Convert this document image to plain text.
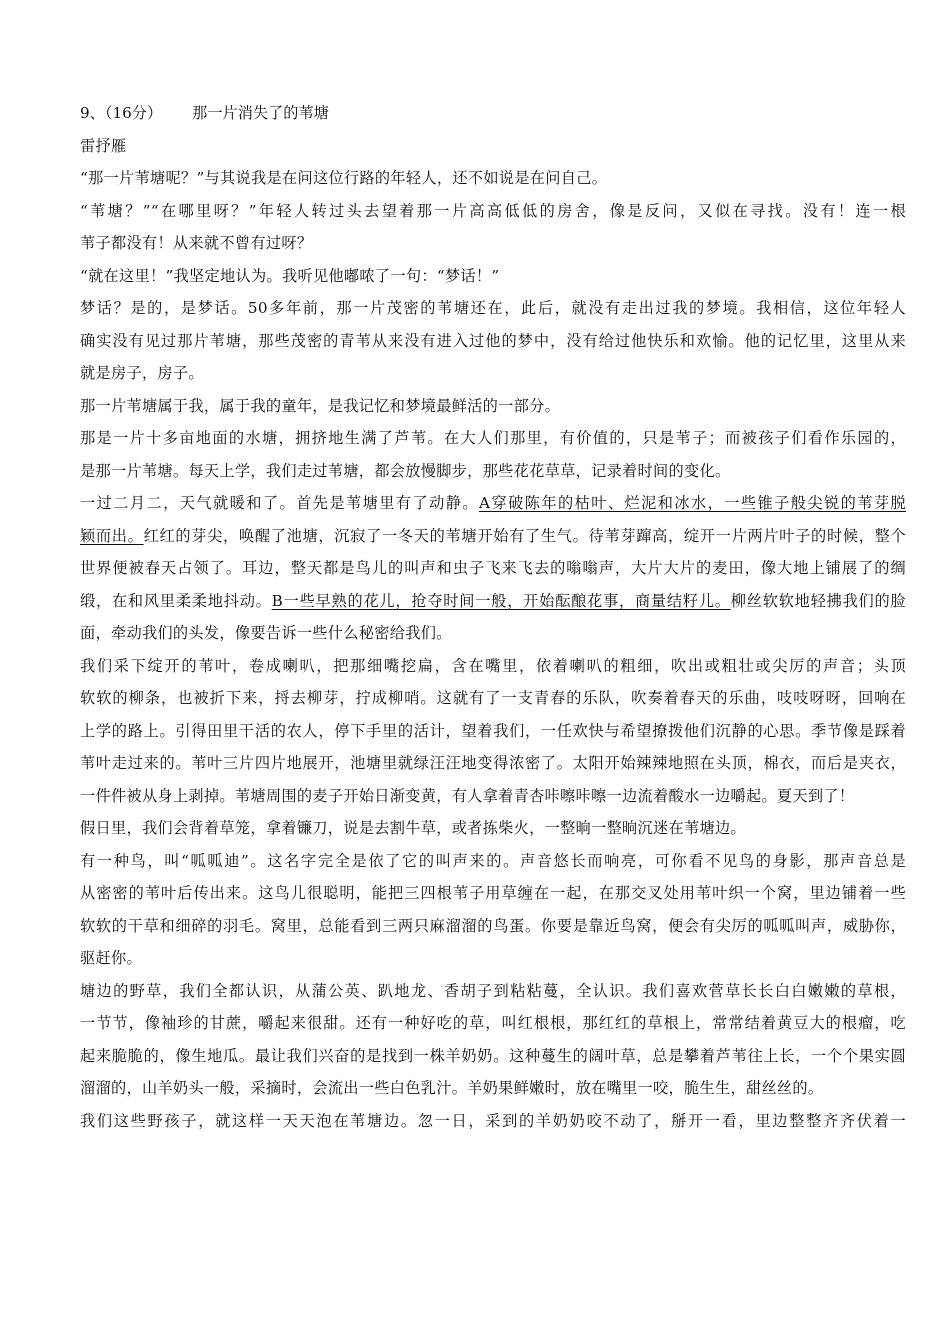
9、（16分） 那一片消失了的苇塘
雷抒雁
“那一片苇塘呢？”与其说我是在问这位行路的年轻人，还不如说是在问自己。
“苇塘？”“在哪里呀？”年轻人转过头去望着那一片高高低低的房舍，像是反问，又似在寻找。没有！连一根
苇子都没有！从来就不曾有过呀？
“就在这里！”我坚定地认为。我听见他嘟哝了一句：“梦话！”
梦话？是的，是梦话。50多年前，那一片茂密的苇塘还在，此后，就没有走出过我的梦境。我相信，这位年轻人
确实没有见过那片苇塘，那些茂密的青苇从来没有进入过他的梦中，没有给过他快乐和欢愉。他的记忆里，这里从来
就是房子，房子。
那一片苇塘属于我，属于我的童年，是我记忆和梦境最鲜活的一部分。
那是一片十多亩地面的水塘，拥挤地生满了芦苇。在大人们那里，有价值的，只是苇子；而被孩子们看作乐园的，
是那一片苇塘。每天上学，我们走过苇塘，都会放慢脚步，那些花花草草，记录着时间的变化。
一过二月二，天气就暖和了。首先是苇塘里有了动静。A穿破陈年的枯叶、烂泥和冰水，一些锥子般尖锐的苇芽脱
颖而出。红红的芽尖，唤醒了池塘，沉寂了一冬天的苇塘开始有了生气。待苇芽蹿高，绽开一片两片叶子的时候，整个
世界便被春天占领了。耳边，整天都是鸟儿的叫声和虫子飞来飞去的嗡嗡声，大片大片的麦田，像大地上铺展了的绸
缎，在和风里柔柔地抖动。B一些早熟的花儿，抢夺时间一般，开始酝酿花事，商量结籽儿。柳丝软软地轻拂我们的脸
面，牵动我们的头发，像要告诉一些什么秘密给我们。
我们采下绽开的苇叶，卷成喇叭，把那细嘴挖扁，含在嘴里，依着喇叭的粗细，吹出或粗壮或尖厉的声音；头顶
软软的柳条，也被折下来，捋去柳芽，拧成柳哨。这就有了一支青春的乐队，吹奏着春天的乐曲，吱吱呀呀，回响在
上学的路上。引得田里干活的农人，停下手里的活计，望着我们，一任欢快与希望撩拨他们沉静的心思。季节像是踩着
苇叶走过来的。苇叶三片四片地展开，池塘里就绿汪汪地变得浓密了。太阳开始辣辣地照在头顶，棉衣，而后是夹衣，
一件件被从身上剥掉。苇塘周围的麦子开始日渐变黄，有人拿着青杏咔嚓咔嚓一边流着酸水一边嚼起。夏天到了！
假日里，我们会背着草笼，拿着镰刀，说是去割牛草，或者拣柴火，一整晌一整晌沉迷在苇塘边。
有一种鸟，叫“呱呱迪”。这名字完全是依了它的叫声来的。声音悠长而响亮，可你看不见鸟的身影，那声音总是
从密密的苇叶后传出来。这鸟儿很聪明，能把三四根苇子用草缠在一起，在那交叉处用苇叶织一个窝，里边铺着一些
软软的干草和细碎的羽毛。窝里，总能看到三两只麻溜溜的鸟蛋。你要是靠近鸟窝，便会有尖厉的呱呱叫声，威胁你，
驱赶你。
塘边的野草，我们全都认识，从蒲公英、趴地龙、香胡子到粘粘蔓，全认识。我们喜欢菅草长长白白嫩嫩的草根，
一节节，像袖珍的甘蔗，嚼起来很甜。还有一种好吃的草，叫红根根，那红红的草根上，常常结着黄豆大的根瘤，吃
起来脆脆的，像生地瓜。最让我们兴奋的是找到一株羊奶奶。这种蔓生的阔叶草，总是攀着芦苇往上长，一个个果实圆
溜溜的，山羊奶头一般，采摘时，会流出一些白色乳汁。羊奶果鲜嫩时，放在嘴里一咬，脆生生，甜丝丝的。
我们这些野孩子，就这样一天天泡在苇塘边。忽一日，采到的羊奶奶咬不动了，掰开一看，里边整整齐齐伏着一
